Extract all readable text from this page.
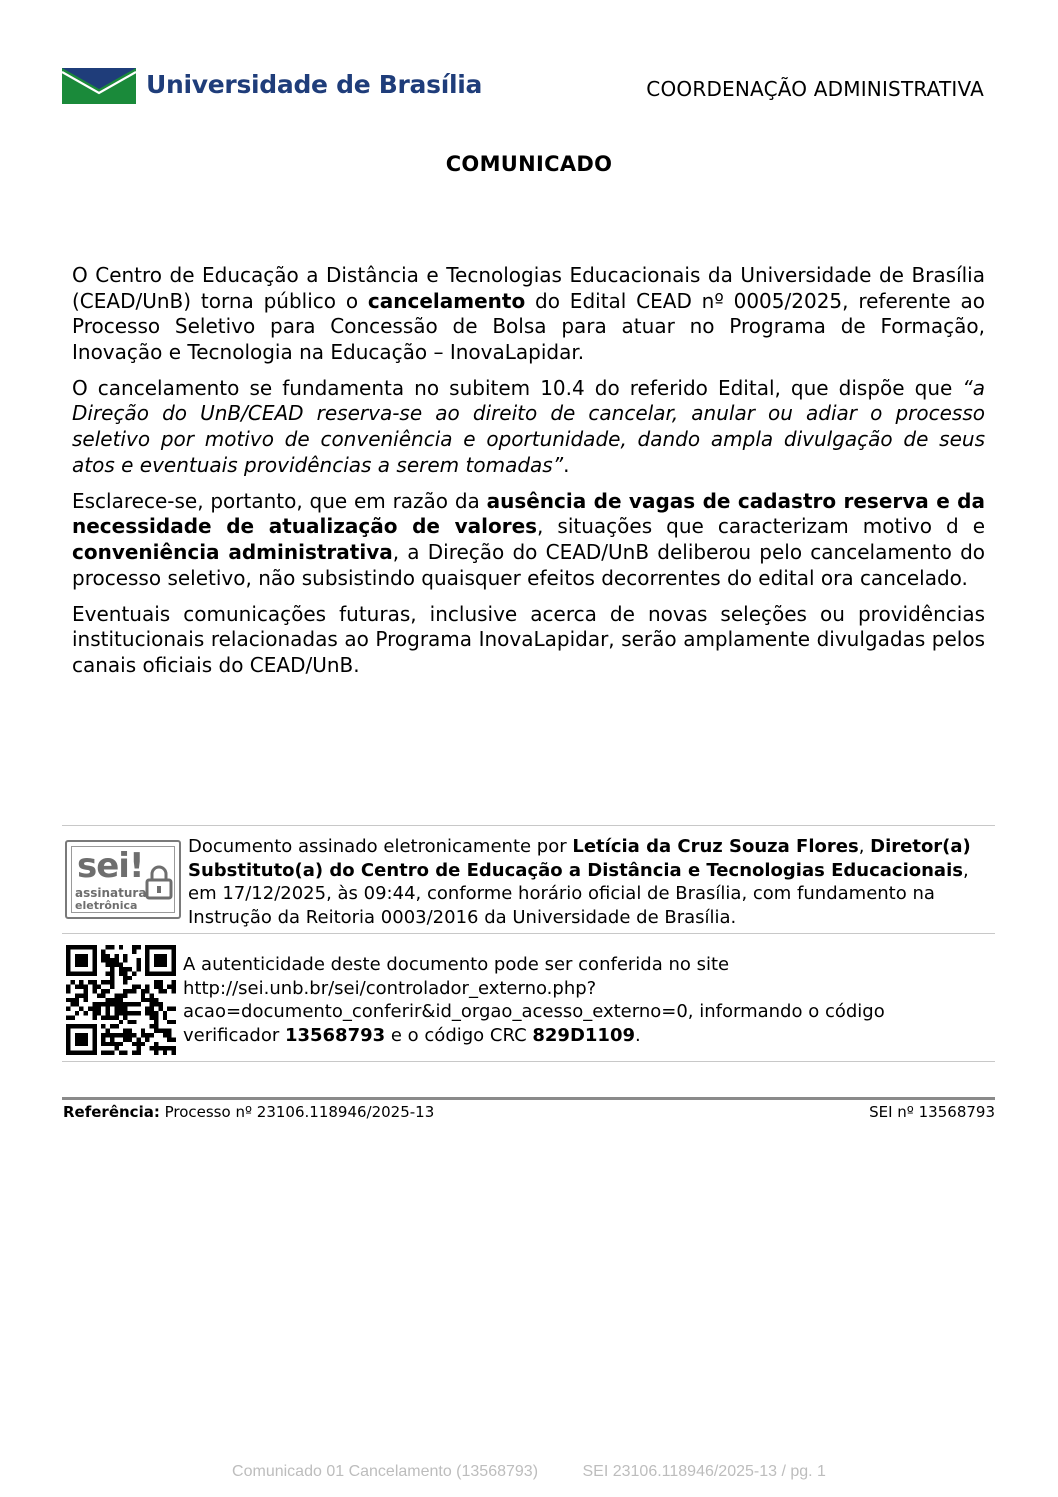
Universidade de Brasília	COORDENAÇÃO ADMINISTRATIVA
COMUNICADO

O Centro de Educação a Distância e Tecnologias Educacionais da Universidade de Brasília (CEAD/UnB) torna público o cancelamento do Edital CEAD nº 0005/2025, referente ao Processo Seletivo para Concessão de Bolsa para atuar no Programa de Formação, Inovação e Tecnologia na Educação – InovaLapidar.

O cancelamento se fundamenta no subitem 10.4 do referido Edital, que dispõe que “a Direção do UnB/CEAD reserva-se ao direito de cancelar, anular ou adiar o processo seletivo por motivo de conveniência e oportunidade, dando ampla divulgação de seus atos e eventuais providências a serem tomadas”.

Esclarece-se, portanto, que em razão da ausência de vagas de cadastro reserva e da necessidade de atualização de valores, situações que caracterizam motivo d e conveniência administrativa, a Direção do CEAD/UnB deliberou pelo cancelamento do processo seletivo, não subsistindo quaisquer efeitos decorrentes do edital ora cancelado.

Eventuais comunicações futuras, inclusive acerca de novas seleções ou providências institucionais relacionadas ao Programa InovaLapidar, serão amplamente divulgadas pelos canais oficiais do CEAD/UnB.

sei!
assinatura
eletrônica
Documento assinado eletronicamente por Letícia da Cruz Souza Flores, Diretor(a) Substituto(a) do Centro de Educação a Distância e Tecnologias Educacionais, em 17/12/2025, às 09:44, conforme horário oficial de Brasília, com fundamento na Instrução da Reitoria 0003/2016 da Universidade de Brasília.
A autenticidade deste documento pode ser conferida no site
http://sei.unb.br/sei/controlador_externo.php?
acao=documento_conferir&id_orgao_acesso_externo=0, informando o código
verificador 13568793 e o código CRC 829D1109.
Referência: Processo nº 23106.118946/2025-13	SEI nº 13568793
Comunicado 01 Cancelamento (13568793)	SEI 23106.118946/2025-13 / pg. 1
